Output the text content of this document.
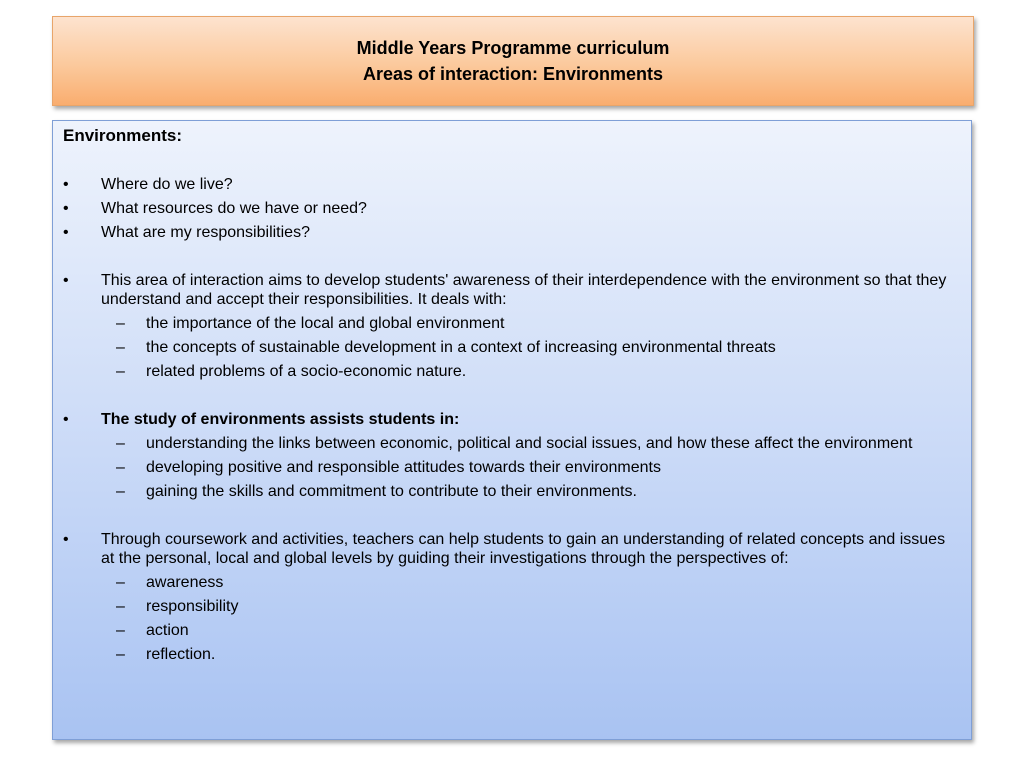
Middle Years Programme curriculum
Areas of interaction: Environments
Environments:
•	Where do we live?
•	What resources do we have or need?
•	What are my responsibilities?
•	This area of interaction aims to develop students' awareness of their interdependence with the environment so that they understand and accept their responsibilities. It deals with:
– the importance of the local and global environment
– the concepts of sustainable development in a context of increasing environmental threats
– related problems of a socio-economic nature.
•	The study of environments assists students in:
– understanding the links between economic, political and social issues, and how these affect the environment
– developing positive and responsible attitudes towards their environments
– gaining the skills and commitment to contribute to their environments.
•	Through coursework and activities, teachers can help students to gain an understanding of related concepts and issues at the personal, local and global levels by guiding their investigations through the perspectives of:
– awareness
– responsibility
– action
– reflection.
